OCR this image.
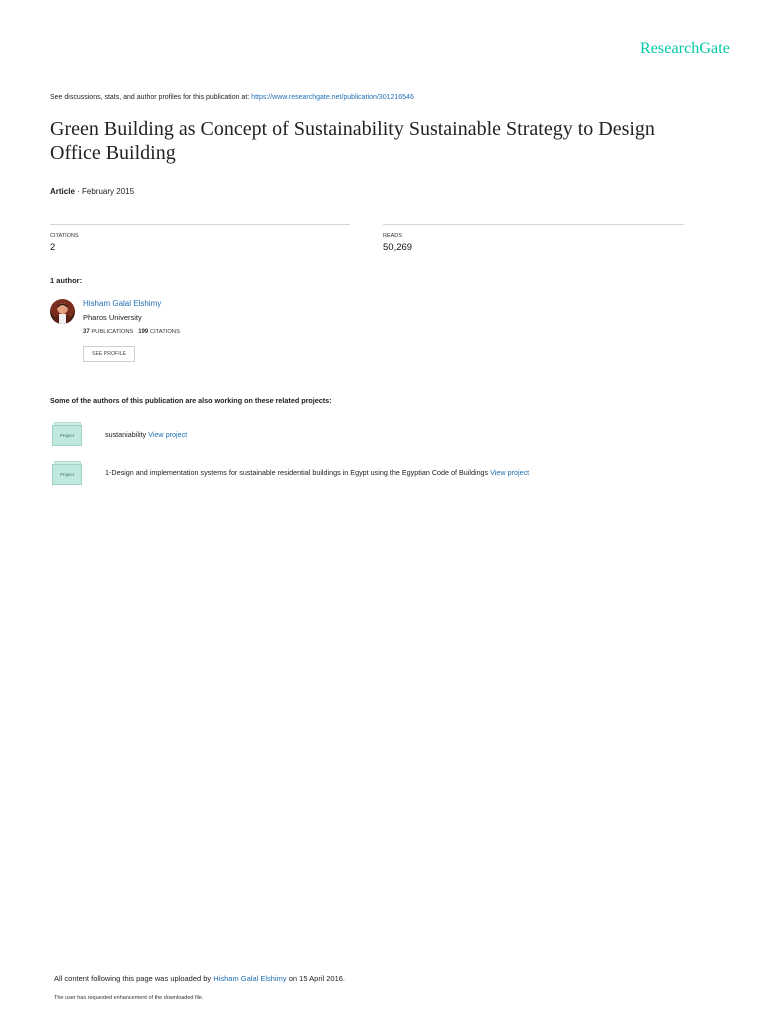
ResearchGate
See discussions, stats, and author profiles for this publication at: https://www.researchgate.net/publication/301216546
Green Building as Concept of Sustainability Sustainable Strategy to Design Office Building
Article · February 2015
CITATIONS
2
READS
50,269
1 author:
Hisham Galal Elshimy
Pharos University
37 PUBLICATIONS 199 CITATIONS
SEE PROFILE
Some of the authors of this publication are also working on these related projects:
Project	sustaniability View project
Project	1-Design and implementation systems for sustainable residential buildings in Egypt using the Egyptian Code of Buildings View project
All content following this page was uploaded by Hisham Galal Elshimy on 15 April 2016.
The user has requested enhancement of the downloaded file.
